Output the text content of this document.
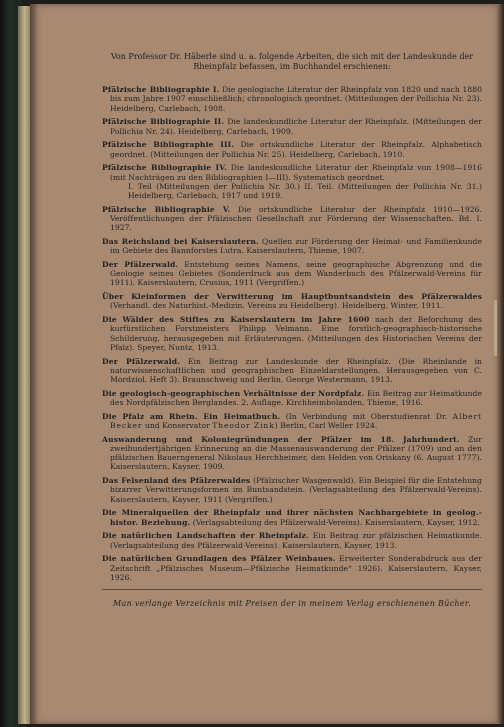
Von Professor Dr. Häberle sind u. a. folgende Arbeiten, die sich mit der Landeskunde der Rheinpfalz befassen, im Buchhandel erschienen:

Pfälzische Bibliographie I. Die geologische Literatur der Rheinpfalz von 1820 und nach 1880 bis zum Jahre 1907 einschließlich; chronologisch geordnet. (Mitteilungen der Pollichia Nr. 23). Heidelberg, Carlebach, 1908.

Pfälzische Bibliographie II. Die landeskundliche Literatur der Rheinpfalz. (Mitteilungen der Pollichia Nr. 24). Heidelberg, Carlebach, 1909.

Pfälzische Bibliographie III. Die ortskundliche Literatur der Rheinpfalz. Alphabetisch geordnet. (Mitteilungen der Pollichia Nr. 25). Heidelberg, Carlebach, 1910.

Pfälzische Bibliographie IV. Die landeskundliche Literatur der Rheinpfalz von 1908—1916 (mit Nachträgen zu den Bibliographien I—III). Systematisch geordnet.
I. Teil (Mitteilungen der Pollichia Nr. 30.) II. Teil. (Mitteilungen der Pollichia Nr. 31.) Heidelberg, Carlebach, 1917 und 1919.

Pfälzische Bibliographie V. Die ortskundliche Literatur der Rheinpfalz 1910—1926. Veröffentlichungen der Pfälzischen Gesellschaft zur Förderung der Wissenschaften. Bd. I. 1927.

Das Reichsland bei Kaiserslautern. Quellen zur Förderung der Heimat- und Familienkunde im Gebiete des Bannforstes Lutra. Kaiserslautern, Thieme, 1907.

Der Pfälzerwald. Entstehung seines Namens, seine geographische Abgrenzung und die Geologie seines Gebietes (Sonderdruck aus dem Wanderbuch des Pfälzerwald-Vereins für 1911). Kaiserslautern, Crusius, 1911 (Vergriffen.)

Über Kleinformen der Verwitterung im Hauptbuntsandstein des Pfälzerwaldes (Verhandl. des Naturhist.-Medizin. Vereins zu Heidelberg). Heidelberg, Winter, 1911.

Die Wälder des Stiftes zu Kaiserslautern im Jahre 1600 nach der Beforchung des kurfürstlichen Forstmeisters Philipp Velmann. Eine forstlich-geographisch-historische Schilderung, herausgegeben mit Erläuterungen. (Mitteilungen des Historischen Vereins der Pfalz). Speyer, Nuntz, 1913.

Der Pfälzerwald. Ein Beitrag zur Landeskunde der Rheinpfalz. (Die Rheinlande in naturwissenschaftlichen und geographischen Einzeldarstellungen. Herausgegeben von C. Mordziol. Heft 3). Braunschweig und Berlin, George Westermann, 1913.

Die geologisch-geographischen Verhältnisse der Nordpfalz. Ein Beitrag zur Heimatkunde des Nordpfälzischen Berglandes. 2. Auflage. Kirchheimbolanden, Thieme, 1916.

Die Pfalz am Rhein. Ein Heimatbuch. (In Verbindung mit Oberstudienrat Dr. Albert Becker und Konservator Theodor Zink) Berlin, Carl Weller 1924.

Auswanderung und Koloniegründungen der Pfälzer im 18. Jahrhundert. Zur zweihundertjährigen Erinnerung an die Massenauswanderung der Pfälzer (1709) und an den pfälzischen Bauerngeneral Nikolaus Herchheimer, den Helden von Oriskany (6. August 1777). Kaiserslautern, Kayser, 1909.

Das Felsenland des Pfälzerwaldes (Pfälzischer Wasgenwald). Ein Beispiel für die Entstehung bizarrer Verwitterungsformen im Buntsandstein. (Verlagsabteilung des Pfälzerwald-Vereins). Kaiserslautern, Kayser, 1911 (Vergriffen.)

Die Mineralquellen der Rheinpfalz und ihrer nächsten Nachbargebiete in geolog.-histor. Beziehung. (Verlagsabteilung des Pfälzerwald-Vereins). Kaiserslautern, Kayser, 1912.

Die natürlichen Landschaften der Rheinpfalz. Ein Beitrag zur pfälzischen Heimatkunde. (Verlagsabteilung des Pfälzerwald-Vereins). Kaiserslautern, Kayser, 1913.

Die natürlichen Grundlagen des Pfälzer Weinbaues. Erweiterter Sonderabdruck aus der Zeitschrift „Pfälzisches Museum—Pfälzische Heimatkunde“ 1926). Kaiserslautern, Kayser, 1926.

Man verlange Verzeichnis mit Preisen der in meinem Verlag erschienenen Bücher.
